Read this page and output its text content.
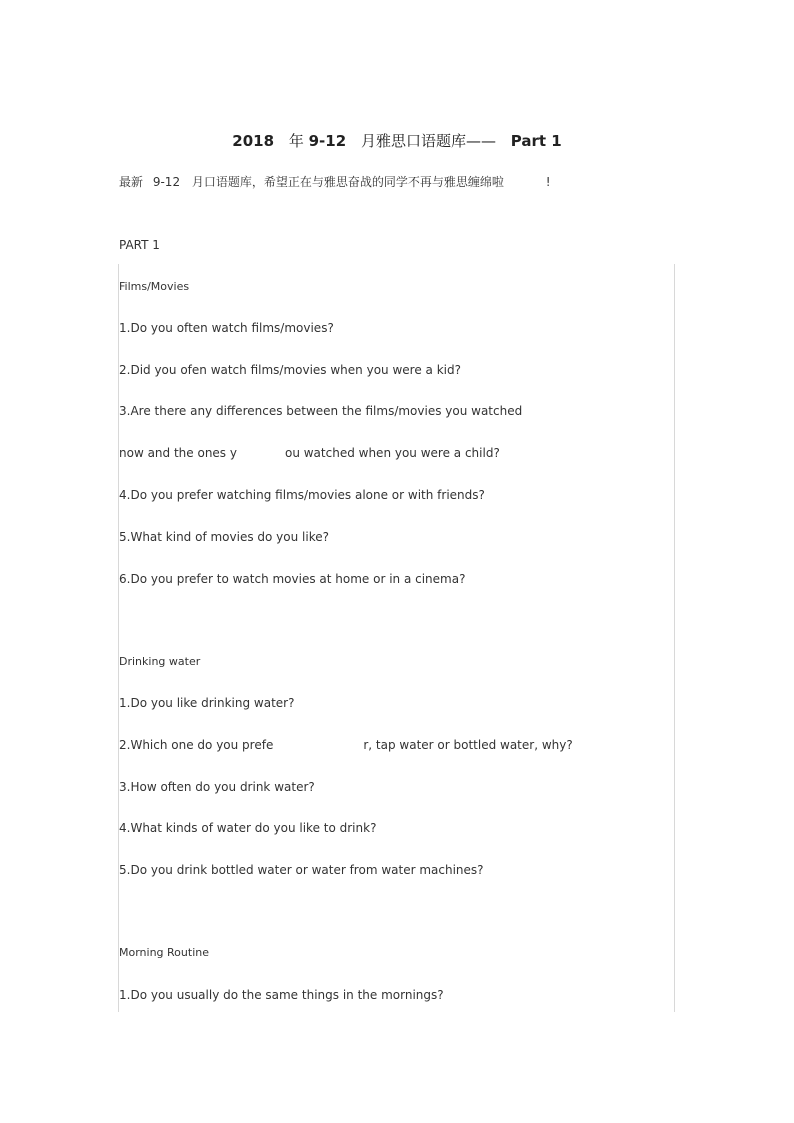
2018 年 9-12 月雅思口语题库—— Part 1
最新 9-12 月口语题库，希望正在与雅思奋战的同学不再与雅思缠绵啦	!
PART 1
Films/Movies
1.Do you often watch films/movies?
2.Did you ofen watch films/movies when you were a kid?
3.Are there any differences between the films/movies you watched
now and the ones y	ou watched when you were a child?
4.Do you prefer watching films/movies alone or with friends?
5.What kind of movies do you like?
6.Do you prefer to watch movies at home or in a cinema?
Drinking water
1.Do you like drinking water?
2.Which one do you prefe	r, tap water or bottled water, why?
3.How often do you drink water?
4.What kinds of water do you like to drink?
5.Do you drink bottled water or water from water machines?
Morning Routine
1.Do you usually do the same things in the mornings?
